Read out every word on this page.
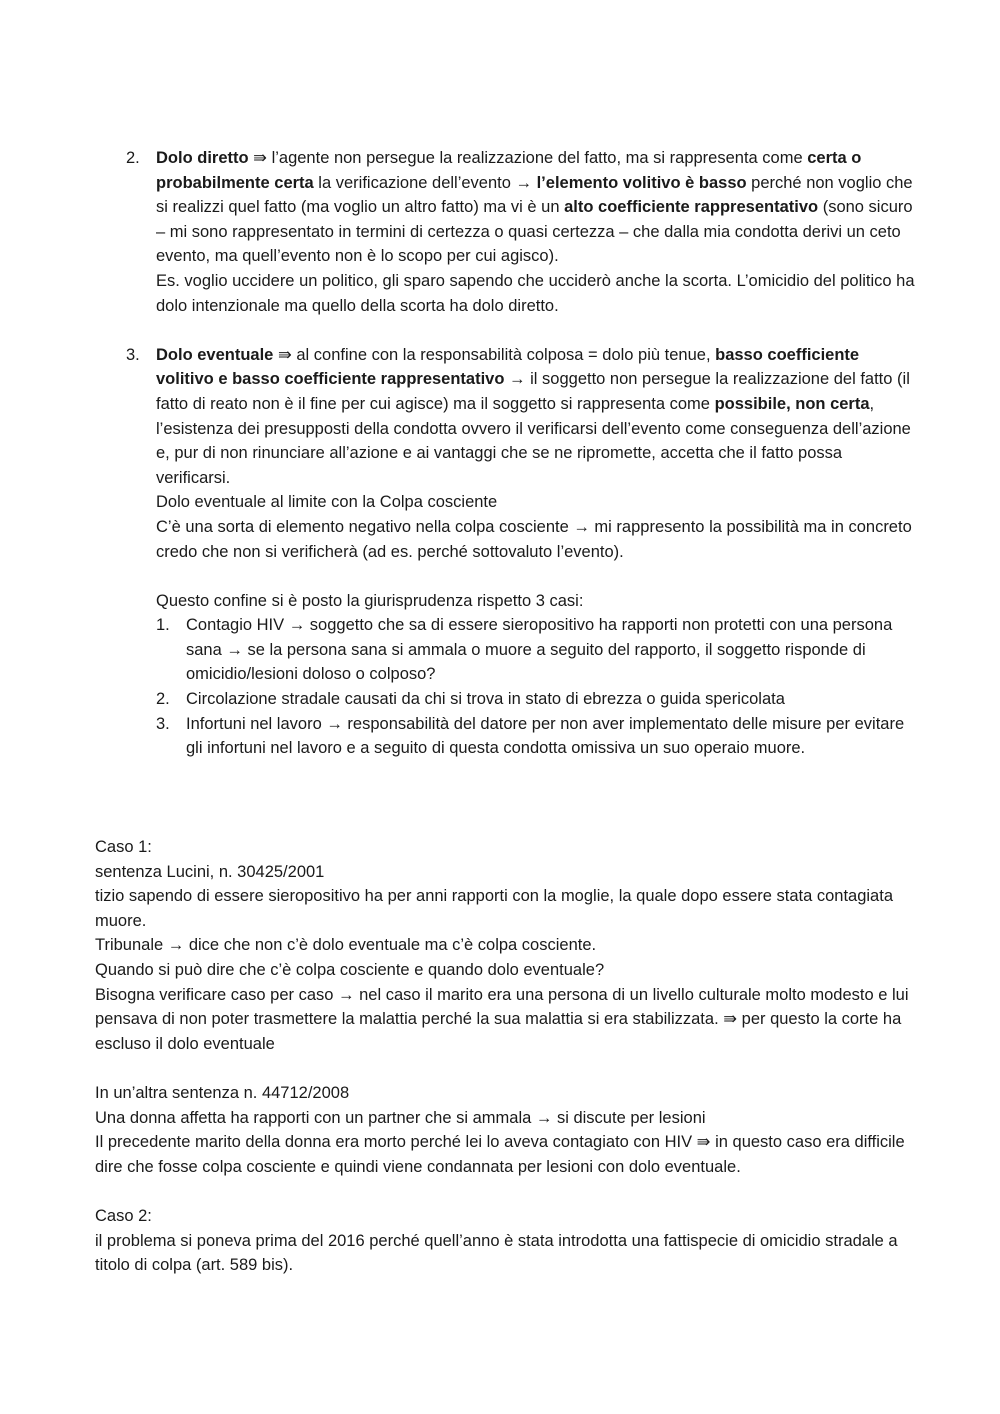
2. Dolo diretto ⇛ l’agente non persegue la realizzazione del fatto, ma si rappresenta come certa o probabilmente certa la verificazione dell’evento → l’elemento volitivo è basso perché non voglio che si realizzi quel fatto (ma voglio un altro fatto) ma vi è un alto coefficiente rappresentativo (sono sicuro – mi sono rappresentato in termini di certezza o quasi certezza – che dalla mia condotta derivi un ceto evento, ma quell’evento non è lo scopo per cui agisco).
Es. voglio uccidere un politico, gli sparo sapendo che ucciderò anche la scorta. L’omicidio del politico ha dolo intenzionale ma quello della scorta ha dolo diretto.
3. Dolo eventuale ⇛ al confine con la responsabilità colposa = dolo più tenue, basso coefficiente volitivo e basso coefficiente rappresentativo → il soggetto non persegue la realizzazione del fatto (il fatto di reato non è il fine per cui agisce) ma il soggetto si rappresenta come possibile, non certa, l’esistenza dei presupposti della condotta ovvero il verificarsi dell’evento come conseguenza dell’azione e, pur di non rinunciare all’azione e ai vantaggi che se ne ripromette, accetta che il fatto possa verificarsi.
Dolo eventuale al limite con la Colpa cosciente
C’è una sorta di elemento negativo nella colpa cosciente → mi rappresento la possibilità ma in concreto credo che non si verificherà (ad es. perché sottovaluto l’evento).
Questo confine si è posto la giurisprudenza rispetto 3 casi:
1. Contagio HIV → soggetto che sa di essere sieropositivo ha rapporti non protetti con una persona sana → se la persona sana si ammala o muore a seguito del rapporto, il soggetto risponde di omicidio/lesioni doloso o colposo?
2. Circolazione stradale causati da chi si trova in stato di ebrezza o guida spericolata
3. Infortuni nel lavoro → responsabilità del datore per non aver implementato delle misure per evitare gli infortuni nel lavoro e a seguito di questa condotta omissiva un suo operaio muore.
Caso 1:
sentenza Lucini, n. 30425/2001
tizio sapendo di essere sieropositivo ha per anni rapporti con la moglie, la quale dopo essere stata contagiata muore.
Tribunale → dice che non c’è dolo eventuale ma c’è colpa cosciente.
Quando si può dire che c’è colpa cosciente e quando dolo eventuale?
Bisogna verificare caso per caso → nel caso il marito era una persona di un livello culturale molto modesto e lui pensava di non poter trasmettere la malattia perché la sua malattia si era stabilizzata. ⇛ per questo la corte ha escluso il dolo eventuale
In un’altra sentenza n. 44712/2008
Una donna affetta ha rapporti con un partner che si ammala → si discute per lesioni
Il precedente marito della donna era morto perché lei lo aveva contagiato con HIV ⇛ in questo caso era difficile dire che fosse colpa cosciente e quindi viene condannata per lesioni con dolo eventuale.
Caso 2:
il problema si poneva prima del 2016 perché quell’anno è stata introdotta una fattispecie di omicidio stradale a titolo di colpa (art. 589 bis).
